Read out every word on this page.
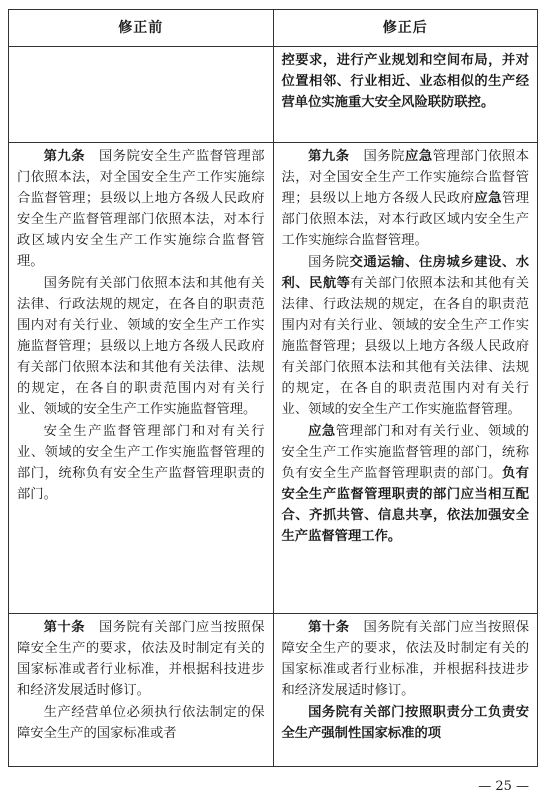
修正前	修正后

控要求，进行产业规划和空间布局，并对位置相邻、行业相近、业态相似的生产经营单位实施重大安全风险联防联控。

第九条　国务院安全生产监督管理部门依照本法，对全国安全生产工作实施综合监督管理；县级以上地方各级人民政府安全生产监督管理部门依照本法，对本行政区域内安全生产工作实施综合监督管理。

国务院有关部门依照本法和其他有关法律、行政法规的规定，在各自的职责范围内对有关行业、领域的安全生产工作实施监督管理；县级以上地方各级人民政府有关部门依照本法和其他有关法律、法规的规定，在各自的职责范围内对有关行业、领域的安全生产工作实施监督管理。

安全生产监督管理部门和对有关行业、领域的安全生产工作实施监督管理的部门，统称负有安全生产监督管理职责的部门。

第九条　国务院应急管理部门依照本法，对全国安全生产工作实施综合监督管理；县级以上地方各级人民政府应急管理部门依照本法，对本行政区域内安全生产工作实施综合监督管理。

国务院交通运输、住房城乡建设、水利、民航等有关部门依照本法和其他有关法律、行政法规的规定，在各自的职责范围内对有关行业、领域的安全生产工作实施监督管理；县级以上地方各级人民政府有关部门依照本法和其他有关法律、法规的规定，在各自的职责范围内对有关行业、领域的安全生产工作实施监督管理。

应急管理部门和对有关行业、领域的安全生产工作实施监督管理的部门，统称负有安全生产监督管理职责的部门。负有安全生产监督管理职责的部门应当相互配合、齐抓共管、信息共享，依法加强安全生产监督管理工作。

第十条　国务院有关部门应当按照保障安全生产的要求，依法及时制定有关的国家标准或者行业标准，并根据科技进步和经济发展适时修订。

生产经营单位必须执行依法制定的保障安全生产的国家标准或者

第十条　国务院有关部门应当按照保障安全生产的要求，依法及时制定有关的国家标准或者行业标准，并根据科技进步和经济发展适时修订。

国务院有关部门按照职责分工负责安全生产强制性国家标准的项

— 25 —
